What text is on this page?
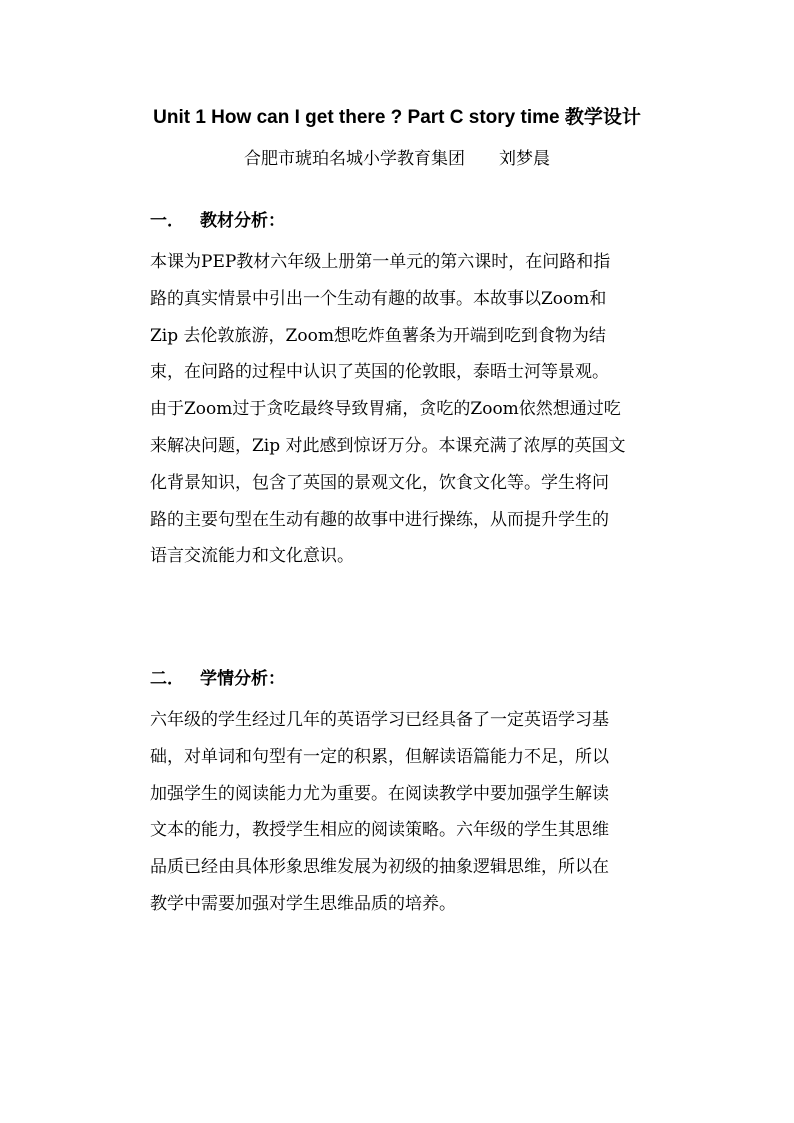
Unit 1 How can I get there ? Part C story time 教学设计
合肥市琥珀名城小学教育集团 刘梦晨
一． 教材分析：
本课为PEP教材六年级上册第一单元的第六课时，在问路和指
路的真实情景中引出一个生动有趣的故事。本故事以Zoom和
Zip 去伦敦旅游，Zoom想吃炸鱼薯条为开端到吃到食物为结
束，在问路的过程中认识了英国的伦敦眼，泰晤士河等景观。
由于Zoom过于贪吃最终导致胃痛，贪吃的Zoom依然想通过吃
来解决问题，Zip 对此感到惊讶万分。本课充满了浓厚的英国文
化背景知识，包含了英国的景观文化，饮食文化等。学生将问
路的主要句型在生动有趣的故事中进行操练，从而提升学生的
语言交流能力和文化意识。
二． 学情分析：
六年级的学生经过几年的英语学习已经具备了一定英语学习基
础，对单词和句型有一定的积累，但解读语篇能力不足，所以
加强学生的阅读能力尤为重要。在阅读教学中要加强学生解读
文本的能力，教授学生相应的阅读策略。六年级的学生其思维
品质已经由具体形象思维发展为初级的抽象逻辑思维，所以在
教学中需要加强对学生思维品质的培养。
